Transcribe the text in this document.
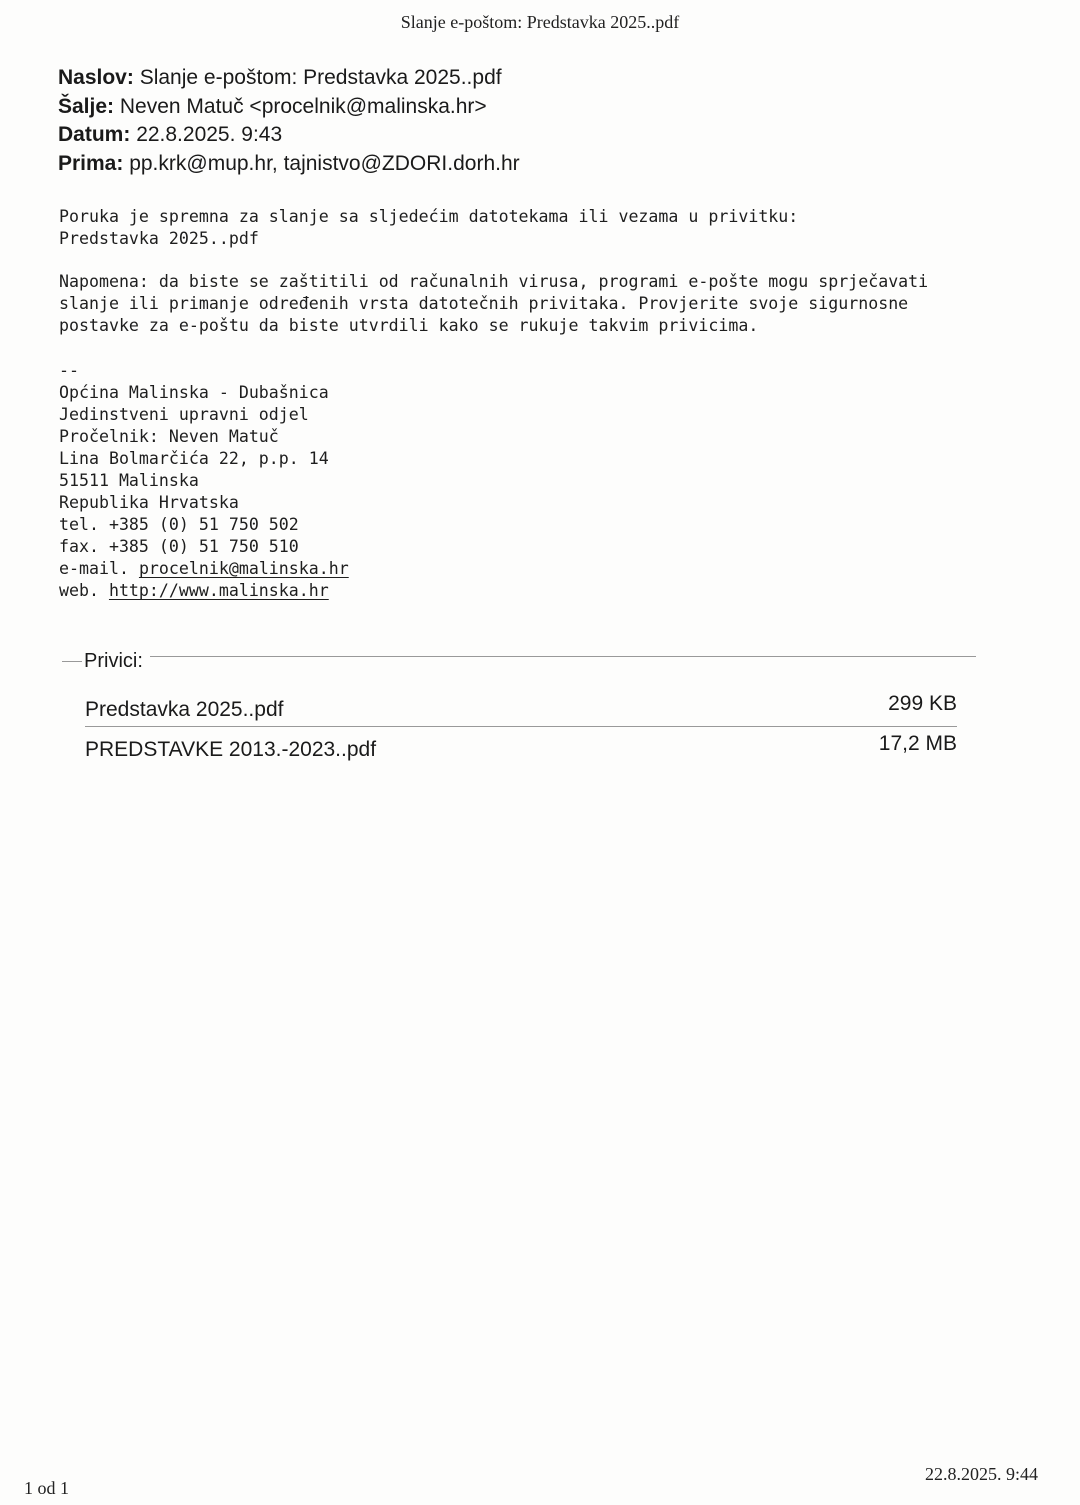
Slanje e-poštom: Predstavka 2025..pdf
Naslov: Slanje e-poštom: Predstavka 2025..pdf
Šalje: Neven Matuč <procelnik@malinska.hr>
Datum: 22.8.2025. 9:43
Prima: pp.krk@mup.hr, tajnistvo@ZDORI.dorh.hr
Poruka je spremna za slanje sa sljedećim datotekama ili vezama u privitku:
Predstavka 2025..pdf
Napomena: da biste se zaštitili od računalnih virusa, programi e-pošte mogu sprječavati
slanje ili primanje određenih vrsta datotečnih privitaka. Provjerite svoje sigurnosne
postavke za e-poštu da biste utvrdili kako se rukuje takvim privicima.
--
Općina Malinska - Dubašnica
Jedinstveni upravni odjel
Pročelnik: Neven Matuč
Lina Bolmarčića 22, p.p. 14
51511 Malinska
Republika Hrvatska
tel. +385 (0) 51 750 502
fax. +385 (0) 51 750 510
e-mail. procelnik@malinska.hr
web. http://www.malinska.hr
Privici:
Predstavka 2025..pdf	299 KB
PREDSTAVKE 2013.-2023..pdf	17,2 MB
1 od 1
22.8.2025. 9:44
